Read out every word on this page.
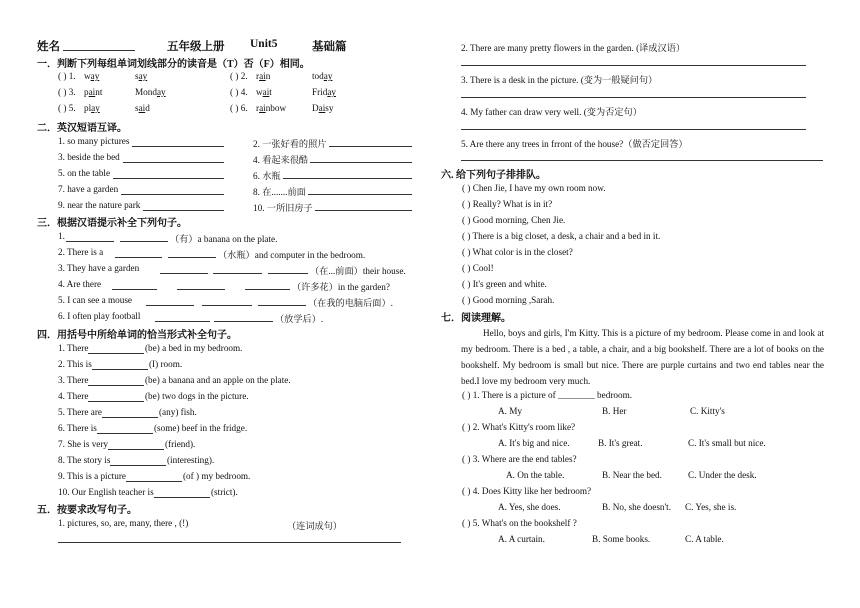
姓名	五年级上册 Unit5	基础篇
一．判断下列每组单词划线部分的读音是（T）否（F）相同。
( ) 1. way	say	( ) 2. rain	today
( ) 3. paint	Monday	( ) 4. wait	Friday
( ) 5. play	said	( ) 6. rainbow	Daisy
二．英汉短语互译。
1. so many pictures	2. 一张好看的照片
3. beside the bed	4. 看起来很酷
5. on the table	6. 水瓶
7. have a garden	8. 在.......前面
9. near the nature park	10. 一所旧房子
三．根据汉语提示补全下列句子。
1.	（有）a banana on the plate.
2. There is a	（水瓶）and computer in the bedroom.
3. They have a garden	（在...前面）their house.
4. Are there	（许多花）in the garden?
5. I can see a mouse	（在我的电脑后面）.
6. I often play football	（放学后）.
四．用括号中所给单词的恰当形式补全句子。
1. There	(be) a bed in my bedroom.
2. This is	(I) room.
3. There	(be) a banana and an apple on the plate.
4. There	(be) two dogs in the picture.
5. There are	(any) fish.
6. There is	(some) beef in the fridge.
7. She is very	(friend).
8. The story is	(interesting).
9. This is a picture	(of ) my bedroom.
10. Our English teacher is	(strict).
五．按要求改写句子。
1. pictures, so, are, many, there , (!)	（连词成句）
2. There are many pretty flowers in the garden. (译成汉语）
3. There is a desk in the picture. (变为一般疑问句）
4. My father can draw very well. (变为否定句）
5. Are there any trees in frront of the house?（做否定回答）
六. 给下列句子排排队。
( ) Chen Jie, I have my own room now.
( ) Really? What is in it?
( ) Good morning, Chen Jie.
( ) There is a big closet, a desk, a chair and a bed in it.
( ) What color is in the closet?
( ) Cool!
( ) It's green and white.
( ) Good morning ,Sarah.
七．阅读理解。
Hello, boys and girls, I'm Kitty. This is a picture of my bedroom. Please come in and look at my bedroom. There is a bed , a table, a chair, and a big bookshelf. There are a lot of books on the bookshelf. My bedroom is small but nice. There are purple curtains and two end tables near the bed.I love my bedroom very much.
( ) 1. There is a picture of ________ bedroom.
A. My	B. Her	C. Kitty's
( ) 2. What's Kitty's room like?
A. It's big and nice.	B. It's great.	C. It's small but nice.
( ) 3. Where are the end tables?
A. On the table.	B. Near the bed.	C. Under the desk.
( ) 4. Does Kitty like her bedroom?
A. Yes, she does.	B. No, she doesn't. C. Yes, she is.
( ) 5. What's on the bookshelf ?
A. A curtain.	B. Some books.	C. A table.
